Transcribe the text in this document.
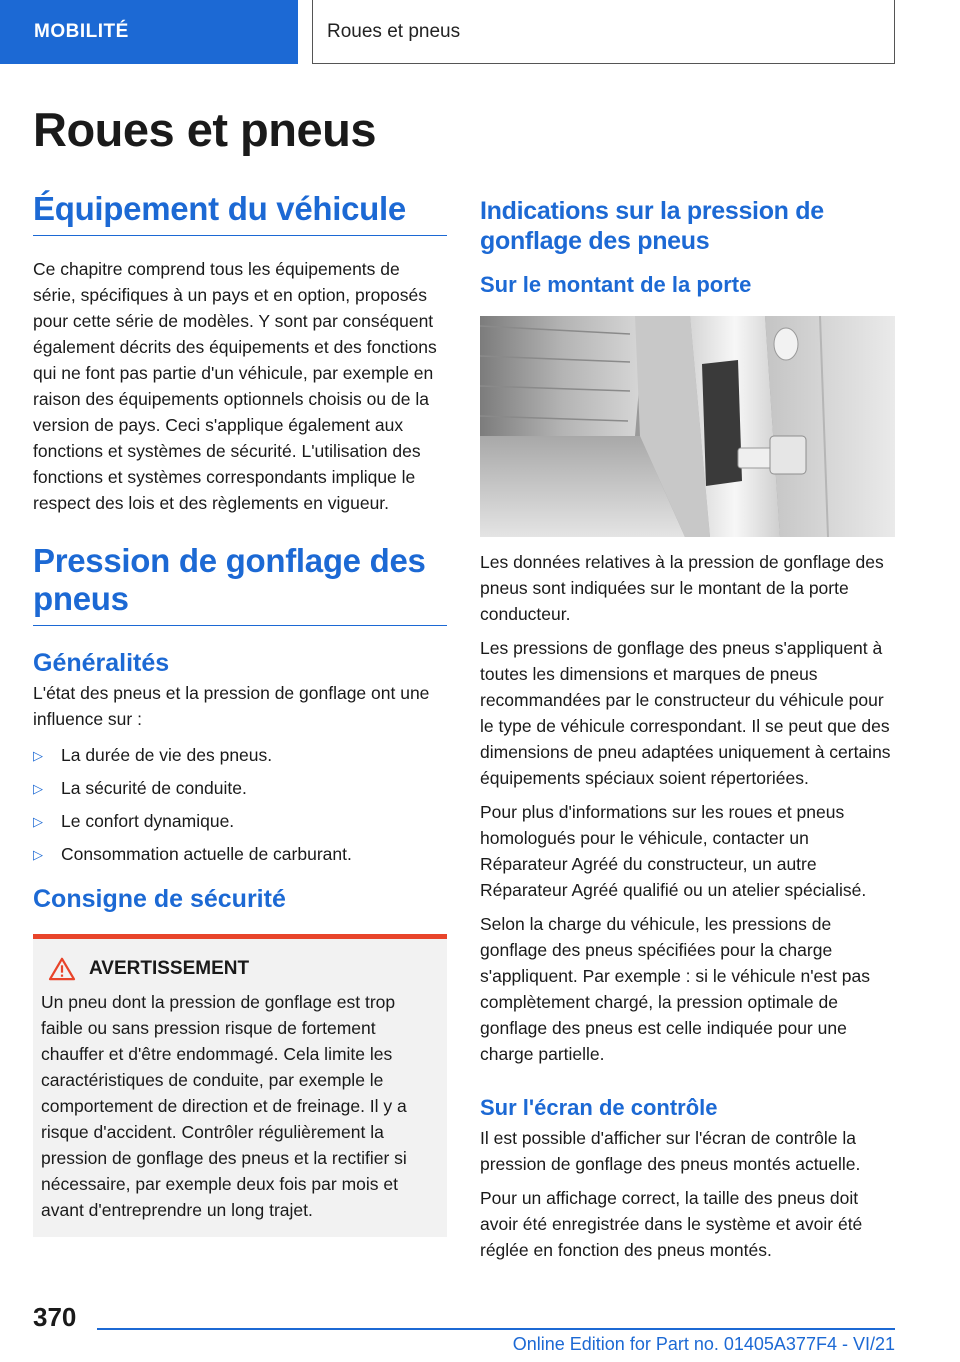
MOBILITÉ	Roues et pneus
Roues et pneus
Équipement du véhicule

Ce chapitre comprend tous les équipements de série, spécifiques à un pays et en option, proposés pour cette série de modèles. Y sont par conséquent également décrits des équipements et des fonctions qui ne font pas partie d'un véhicule, par exemple en raison des équipements optionnels choisis ou de la version de pays. Ceci s'applique également aux fonctions et systèmes de sécurité. L'utilisation des fonctions et systèmes correspondants implique le respect des lois et des règlements en vigueur.

Pression de gonflage des pneus
Généralités

L'état des pneus et la pression de gonflage ont une influence sur :

▷	La durée de vie des pneus.
▷	La sécurité de conduite.
▷	Le confort dynamique.
▷	Consommation actuelle de carburant.
Consigne de sécurité
AVERTISSEMENT

Un pneu dont la pression de gonflage est trop faible ou sans pression risque de fortement chauffer et d'être endommagé. Cela limite les caractéristiques de conduite, par exemple le comportement de direction et de freinage. Il y a risque d'accident. Contrôler régulièrement la pression de gonflage des pneus et la rectifier si nécessaire, par exemple deux fois par mois et avant d'entreprendre un long trajet.

Indications sur la pression de gonflage des pneus
Sur le montant de la porte

Les données relatives à la pression de gonflage des pneus sont indiquées sur le montant de la porte conducteur.

Les pressions de gonflage des pneus s'appliquent à toutes les dimensions et marques de pneus recommandées par le constructeur du véhicule pour le type de véhicule correspondant. Il se peut que des dimensions de pneu adaptées uniquement à certains équipements spéciaux soient répertoriées.

Pour plus d'informations sur les roues et pneus homologués pour le véhicule, contacter un Réparateur Agréé du constructeur, un autre Réparateur Agréé qualifié ou un atelier spécialisé.

Selon la charge du véhicule, les pressions de gonflage des pneus spécifiées pour la charge s'appliquent. Par exemple : si le véhicule n'est pas complètement chargé, la pression optimale de gonflage des pneus est celle indiquée pour une charge partielle.

Sur l'écran de contrôle

Il est possible d'afficher sur l'écran de contrôle la pression de gonflage des pneus montés actuelle.

Pour un affichage correct, la taille des pneus doit avoir été enregistrée dans le système et avoir été réglée en fonction des pneus montés.

370
Online Edition for Part no. 01405A377F4 - VI/21
